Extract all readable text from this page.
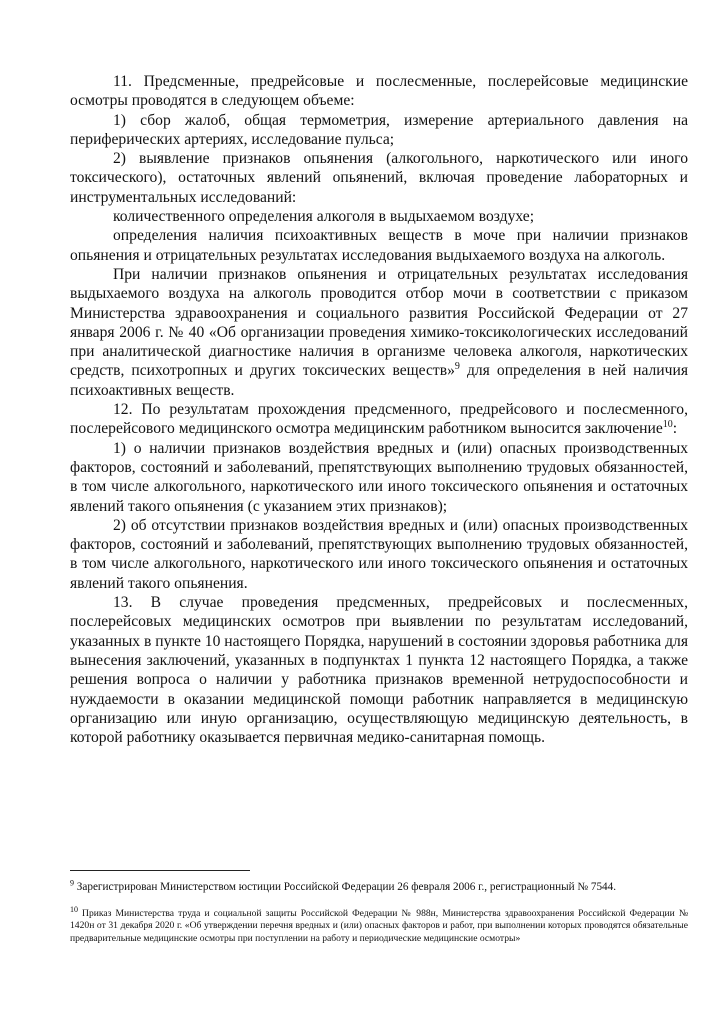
11. Предсменные, предрейсовые и послесменные, послерейсовые медицинские осмотры проводятся в следующем объеме:

1) сбор жалоб, общая термометрия, измерение артериального давления на периферических артериях, исследование пульса;

2) выявление признаков опьянения (алкогольного, наркотического или иного токсического), остаточных явлений опьянений, включая проведение лабораторных и инструментальных исследований:

количественного определения алкоголя в выдыхаемом воздухе;

определения наличия психоактивных веществ в моче при наличии признаков опьянения и отрицательных результатах исследования выдыхаемого воздуха на алкоголь.

При наличии признаков опьянения и отрицательных результатах исследования выдыхаемого воздуха на алкоголь проводится отбор мочи в соответствии с приказом Министерства здравоохранения и социального развития Российской Федерации от 27 января 2006 г. № 40 «Об организации проведения химико-токсикологических исследований при аналитической диагностике наличия в организме человека алкоголя, наркотических средств, психотропных и других токсических веществ»$^9$ для определения в ней наличия психоактивных веществ.

12. По результатам прохождения предсменного, предрейсового и послесменного, послерейсового медицинского осмотра медицинским работником выносится заключение$^{10}$:

1) о наличии признаков воздействия вредных и (или) опасных производственных факторов, состояний и заболеваний, препятствующих выполнению трудовых обязанностей, в том числе алкогольного, наркотического или иного токсического опьянения и остаточных явлений такого опьянения (с указанием этих признаков);

2) об отсутствии признаков воздействия вредных и (или) опасных производственных факторов, состояний и заболеваний, препятствующих выполнению трудовых обязанностей, в том числе алкогольного, наркотического или иного токсического опьянения и остаточных явлений такого опьянения.

13. В случае проведения предсменных, предрейсовых и послесменных, послерейсовых медицинских осмотров при выявлении по результатам исследований, указанных в пункте 10 настоящего Порядка, нарушений в состоянии здоровья работника для вынесения заключений, указанных в подпунктах 1 пункта 12 настоящего Порядка, а также решения вопроса о наличии у работника признаков временной нетрудоспособности и нуждаемости в оказании медицинской помощи работник направляется в медицинскую организацию или иную организацию, осуществляющую медицинскую деятельность, в которой работнику оказывается первичная медико-санитарная помощь.

$^9$ Зарегистрирован Министерством юстиции Российской Федерации 26 февраля 2006 г., регистрационный № 7544.
$^{10}$ Приказ Министерства труда и социальной защиты Российской Федерации № 988н, Министерства здравоохранения Российской Федерации № 1420н от 31 декабря 2020 г. «Об утверждении перечня вредных и (или) опасных факторов и работ, при выполнении которых проводятся обязательные предварительные медицинские осмотры при поступлении на работу и периодические медицинские осмотры»
